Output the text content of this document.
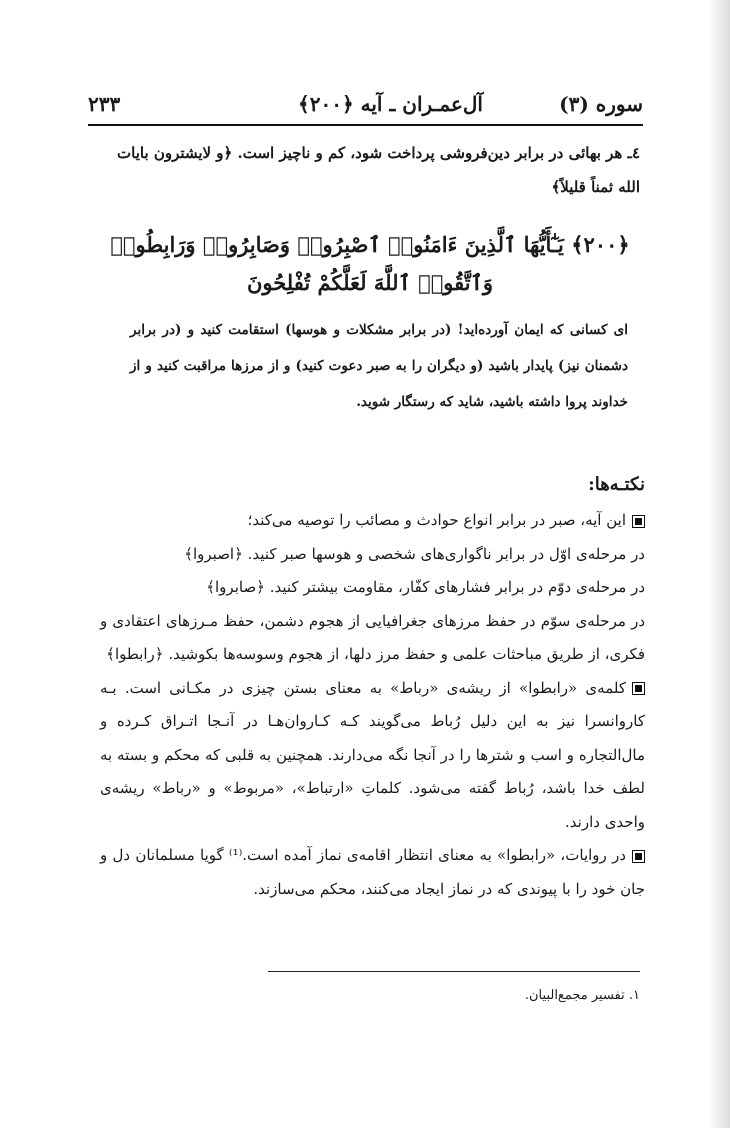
سوره (۳)
آل‌عمـران ـ آیه ﴿۲۰۰﴾
۲۳۳
٤ـ هر بهائی در برابر دین‌فروشی پرداخت شود، کم و ناچیز است. ﴿و لایشترون بایات الله ثمناً قلیلاً﴾
﴿۲۰۰﴾ يَـٰٓأَيُّهَا ٱلَّذِينَ ءَامَنُوا۟ ٱصْبِرُوا۟ وَصَابِرُوا۟ وَرَابِطُوا۟ وَٱتَّقُوا۟ ٱللَّهَ لَعَلَّكُمْ تُفْلِحُونَ
ای کسانی که ایمان آورده‌اید! (در برابر مشکلات و هوسها) استقامت کنید و (در برابر دشمنان نیز) پایدار باشید (و دیگران را به صبر دعوت کنید) و از مرزها مراقبت کنید و از خداوند پروا داشته باشید، شاید که رستگار شوید.

نکتـه‌ها:

این آیه، صبر در برابر انواع حوادث و مصائب را توصیه می‌کند؛

در مرحله‌ی اوّل در برابر ناگواری‌های شخصی و هوسها صبر کنید. ﴿اصبروا﴾

در مرحله‌ی دوّم در برابر فشارهای کفّار، مقاومت بیشتر کنید. ﴿صابروا﴾

در مرحله‌ی سوّم در حفظ مرزهای جغرافیایی از هجوم دشمن، حفظ مـرزهای اعتقادی و فکری، از طریق مباحثات علمی و حفظ مرز دلها، از هجوم وسوسه‌ها بکوشید. ﴿رابطوا﴾

کلمه‌ی «رابطوا» از ریشه‌ی «رباط» به معنای بستن چیزی در مکـانی است. بـه کاروانسرا نیز به این دلیل رُباط می‌گویند کـه کـاروان‌هـا در آنـجا اتـراق کـرده و مال‌التجاره و اسب و شترها را در آنجا نگه می‌دارند. همچنین به قلبی که محکم و بسته به لطف خدا باشد، رُباط گفته می‌شود. کلماتِ «ارتباط»، «مربوط» و «رباط» ریشه‌ی واحدی دارند.

در روایات، «رابطوا» به معنای انتظار اقامه‌ی نماز آمده است.⁽¹⁾ گویا مسلمانان دل و جان خود را با پیوندی که در نماز ایجاد می‌کنند، محکم می‌سازند.

۱. تفسیر مجمع‌البیان.
